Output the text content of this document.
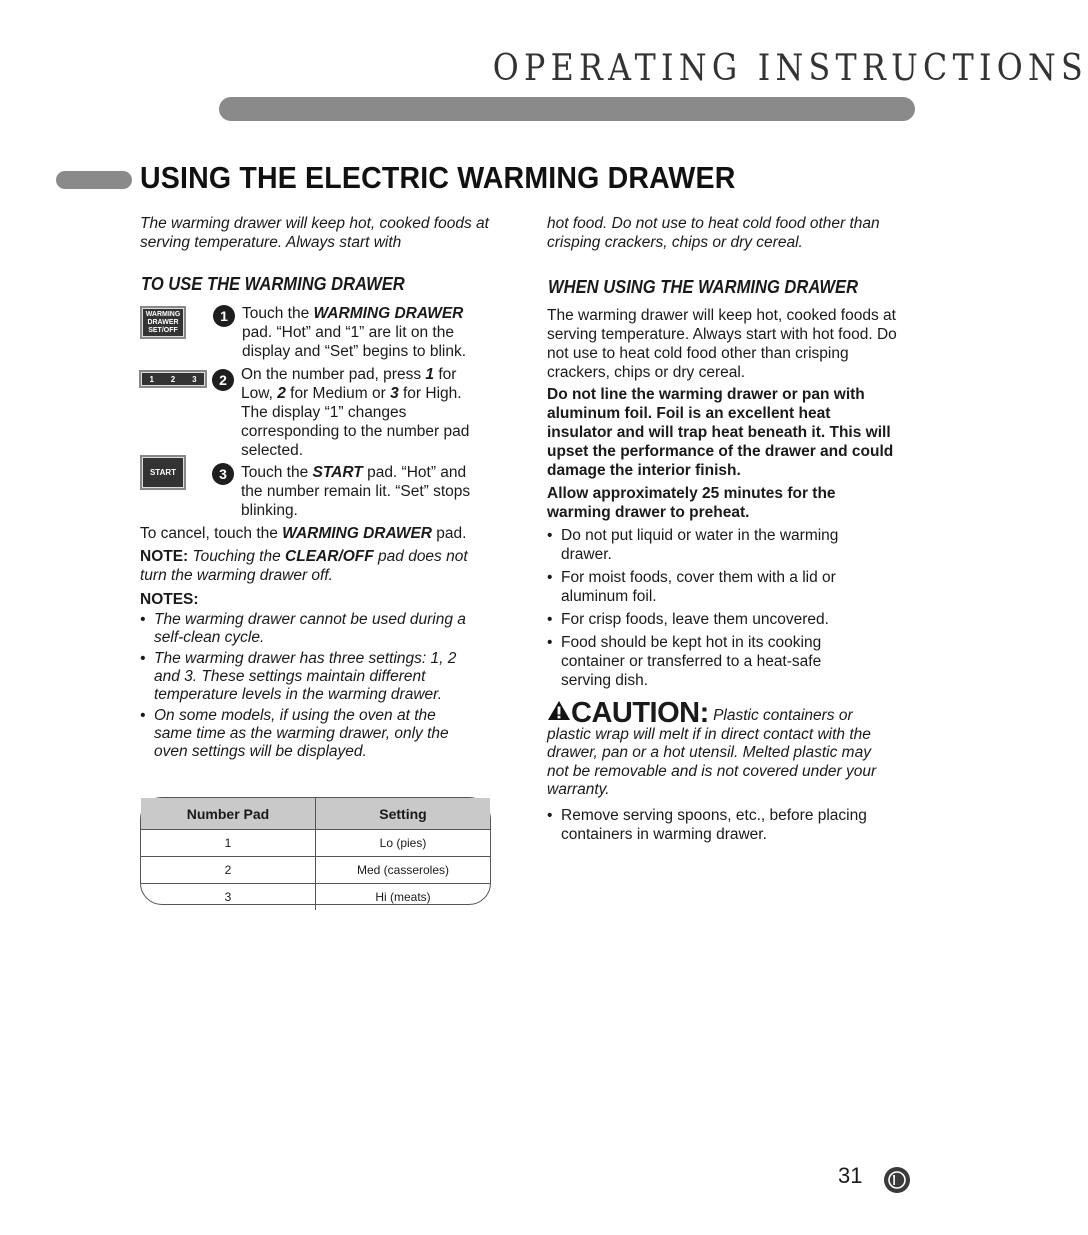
OPERATING INSTRUCTIONS
USING THE ELECTRIC WARMING DRAWER
The warming drawer will keep hot, cooked foods at serving temperature. Always start with
hot food. Do not use to heat cold food other than crisping crackers, chips or dry cereal.
TO USE THE WARMING DRAWER
WARMING
DRAWER
SET/OFF
1 Touch the WARMING DRAWER pad. “Hot” and “1” are lit on the display and “Set” begins to blink.
1 2 3	2 On the number pad, press 1 for Low, 2 for Medium or 3 for High. The display “1” changes corresponding to the number pad selected.
START	3 Touch the START pad. “Hot” and the number remain lit. “Set” stops blinking.
To cancel, touch the WARMING DRAWER pad.
NOTE: Touching the CLEAR/OFF pad does not turn the warming drawer off.
NOTES:
• The warming drawer cannot be used during a self-clean cycle.
• The warming drawer has three settings: 1, 2 and 3. These settings maintain different temperature levels in the warming drawer.
• On some models, if using the oven at the same time as the warming drawer, only the oven settings will be displayed.
Number Pad	Setting
1	Lo (pies)
2	Med (casseroles)
3	Hi (meats)
WHEN USING THE WARMING DRAWER
The warming drawer will keep hot, cooked foods at serving temperature. Always start with hot food. Do not use to heat cold food other than crisping crackers, chips or dry cereal.
Do not line the warming drawer or pan with aluminum foil. Foil is an excellent heat insulator and will trap heat beneath it. This will upset the performance of the drawer and could damage the interior finish.
Allow approximately 25 minutes for the warming drawer to preheat.
• Do not put liquid or water in the warming drawer.
• For moist foods, cover them with a lid or aluminum foil.
• For crisp foods, leave them uncovered.
• Food should be kept hot in its cooking container or transferred to a heat-safe serving dish.
CAUTION: Plastic containers or plastic wrap will melt if in direct contact with the drawer, pan or a hot utensil. Melted plastic may not be removable and is not covered under your warranty.
• Remove serving spoons, etc., before placing containers in warming drawer.
31
